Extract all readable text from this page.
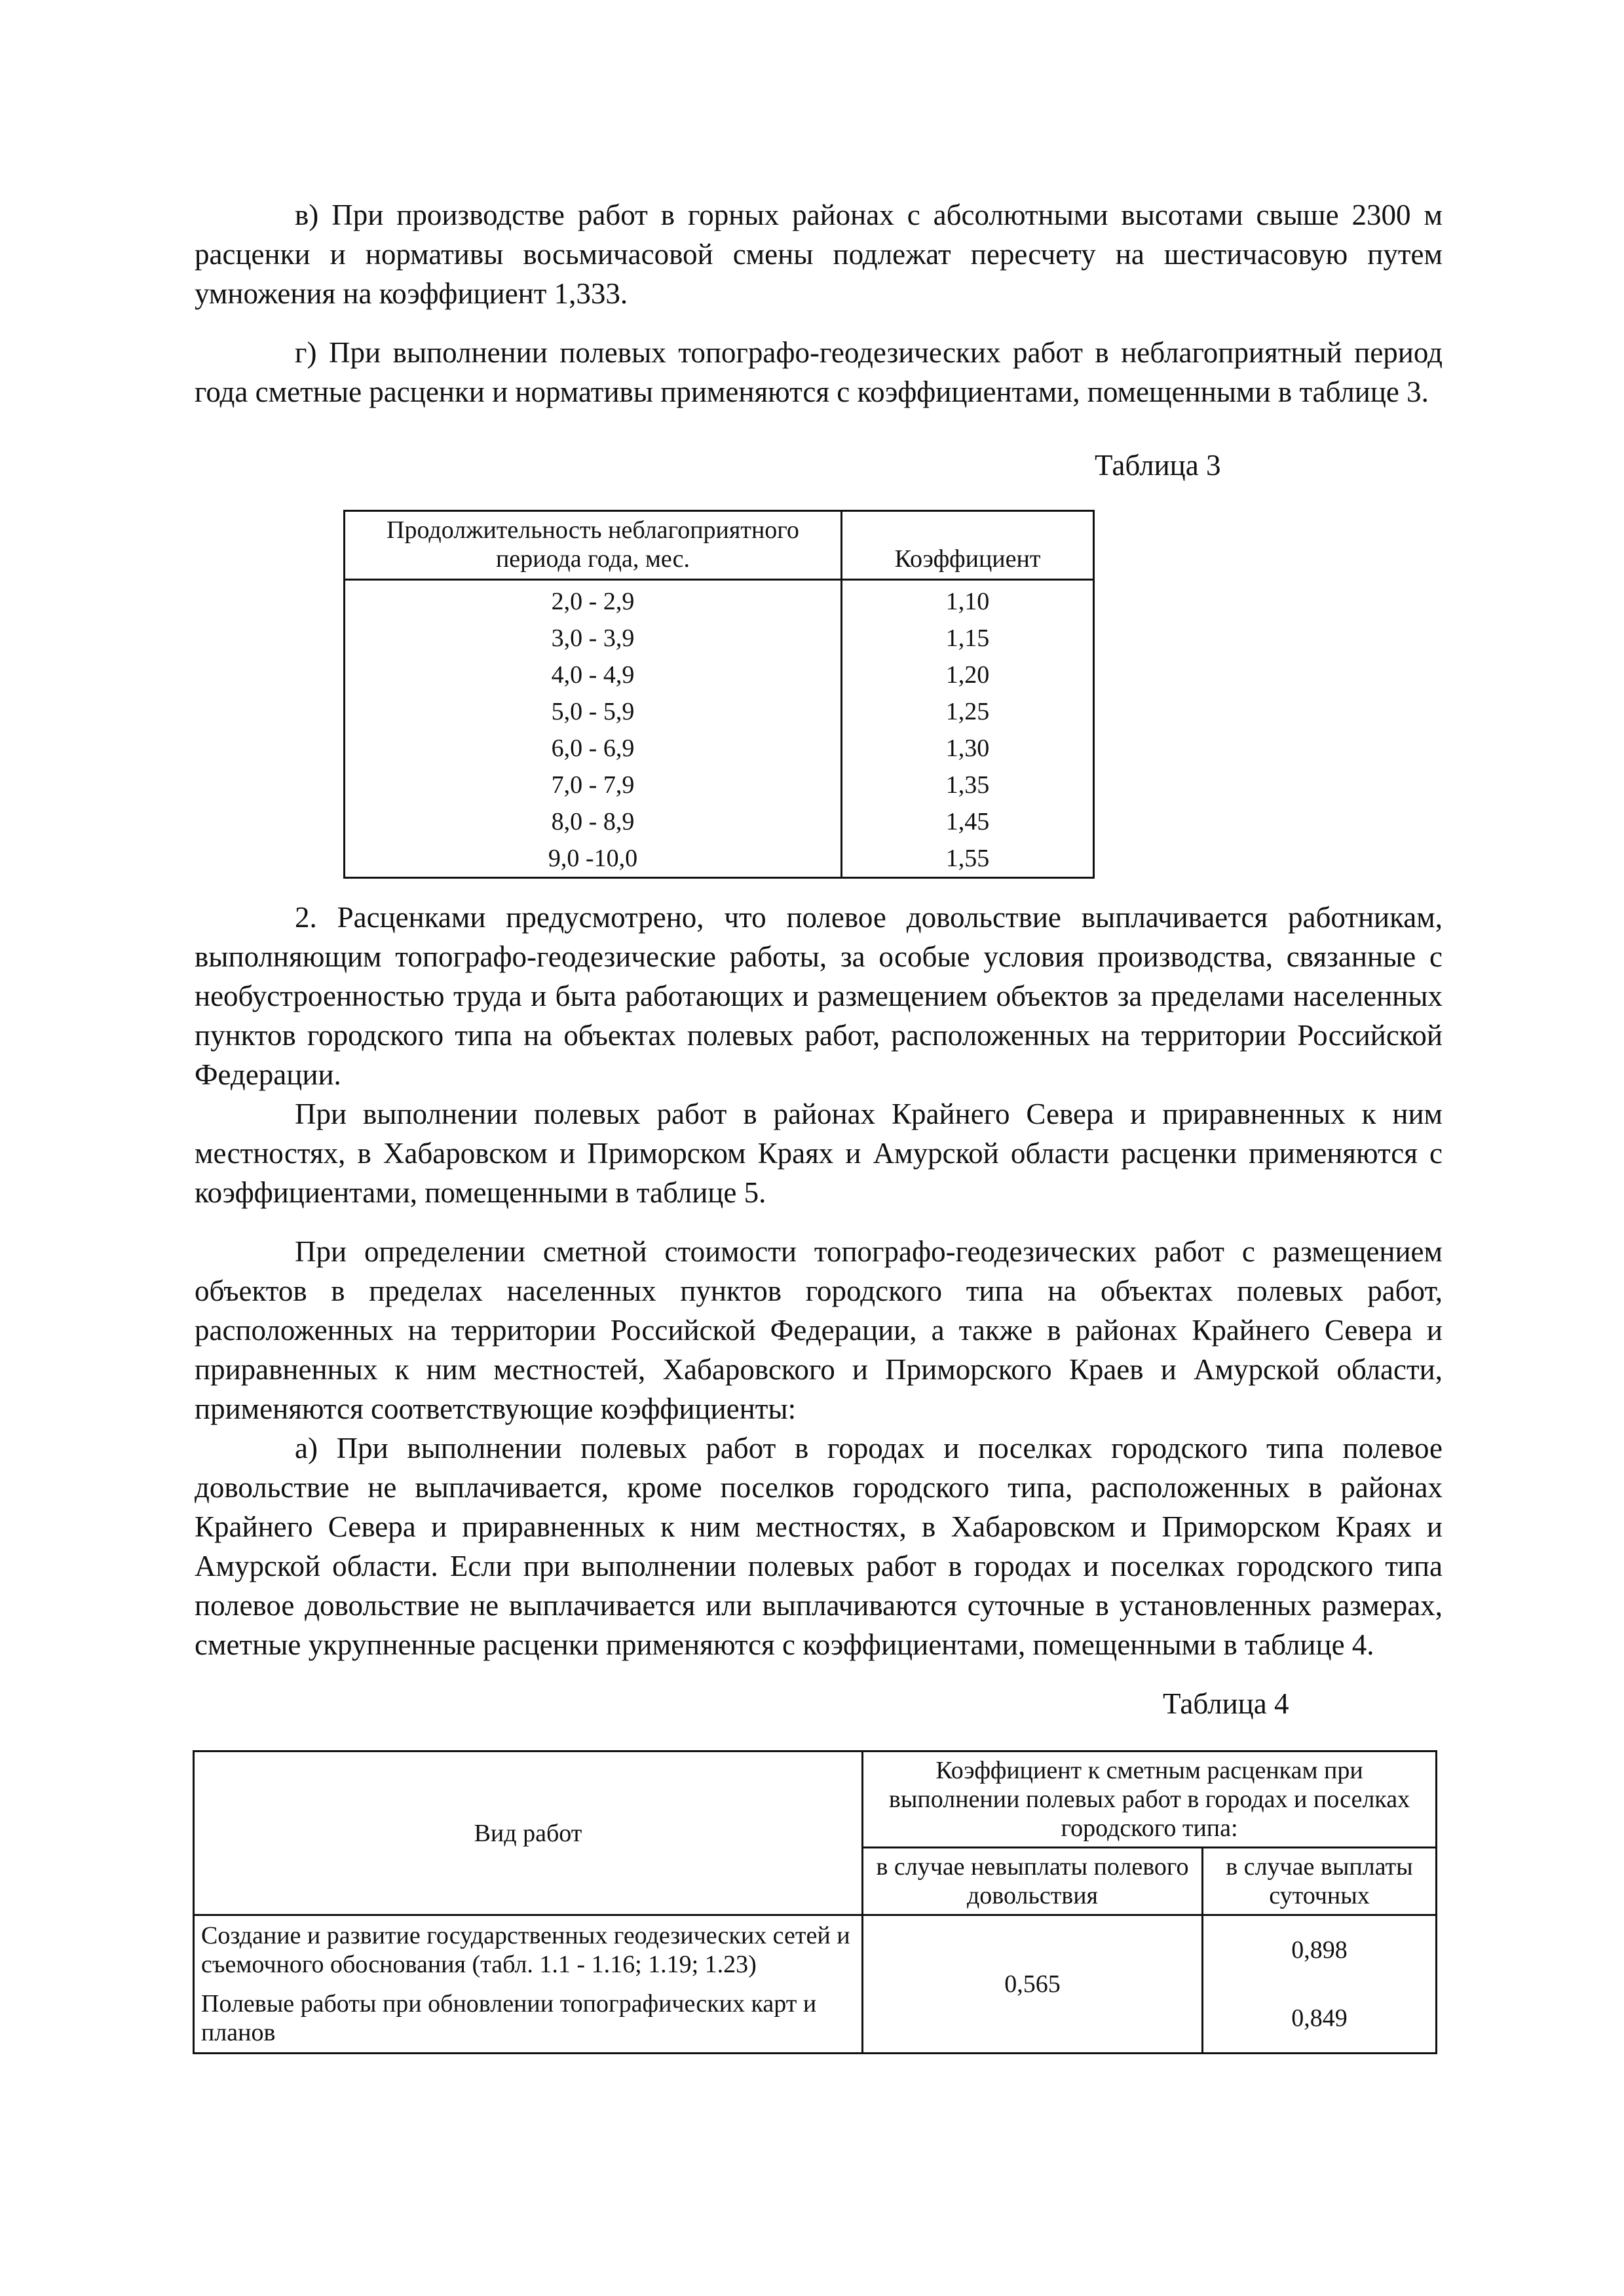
в) При производстве работ в горных районах с абсолютными высотами свыше 2300 м расценки и нормативы восьмичасовой смены подлежат пересчету на шестичасовую путем умножения на коэффициент 1,333.

г) При выполнении полевых топографо-геодезических работ в неблагоприятный период года сметные расценки и нормативы применяются с коэффициентами, помещенными в таблице 3.

Таблица 3

Продолжительность неблагоприятного периода года, мес.	Коэффициент
2,0 - 2,9	1,10
3,0 - 3,9	1,15
4,0 - 4,9	1,20
5,0 - 5,9	1,25
6,0 - 6,9	1,30
7,0 - 7,9	1,35
8,0 - 8,9	1,45
9,0 -10,0	1,55

2. Расценками предусмотрено, что полевое довольствие выплачивается работникам, выполняющим топографо-геодезические работы, за особые условия производства, связанные с необустроенностью труда и быта работающих и размещением объектов за пределами населенных пунктов городского типа на объектах полевых работ, расположенных на территории Российской Федерации.

При выполнении полевых работ в районах Крайнего Севера и приравненных к ним местностях, в Хабаровском и Приморском Краях и Амурской области расценки применяются с коэффициентами, помещенными в таблице 5.

При определении сметной стоимости топографо-геодезических работ с размещением объектов в пределах населенных пунктов городского типа на объектах полевых работ, расположенных на территории Российской Федерации, а также в районах Крайнего Севера и приравненных к ним местностей, Хабаровского и Приморского Краев и Амурской области, применяются соответствующие коэффициенты:

а) При выполнении полевых работ в городах и поселках городского типа полевое довольствие не выплачивается, кроме поселков городского типа, расположенных в районах Крайнего Севера и приравненных к ним местностях, в Хабаровском и Приморском Краях и Амурской области. Если при выполнении полевых работ в городах и поселках городского типа полевое довольствие не выплачивается или выплачиваются суточные в установленных размерах, сметные укрупненные расценки применяются с коэффициентами, помещенными в таблице 4.

Таблица 4

Вид работ	Коэффициент к сметным расценкам при выполнении полевых работ в городах и поселках городского типа:	
	в случае невыплаты полевого довольствия	в случае выплаты суточных
Создание и развитие государственных геодезических сетей и съемочного обоснования (табл. 1.1 - 1.16; 1.19; 1.23)	0,565	0,898
Полевые работы при обновлении топографических карт и планов		0,849
